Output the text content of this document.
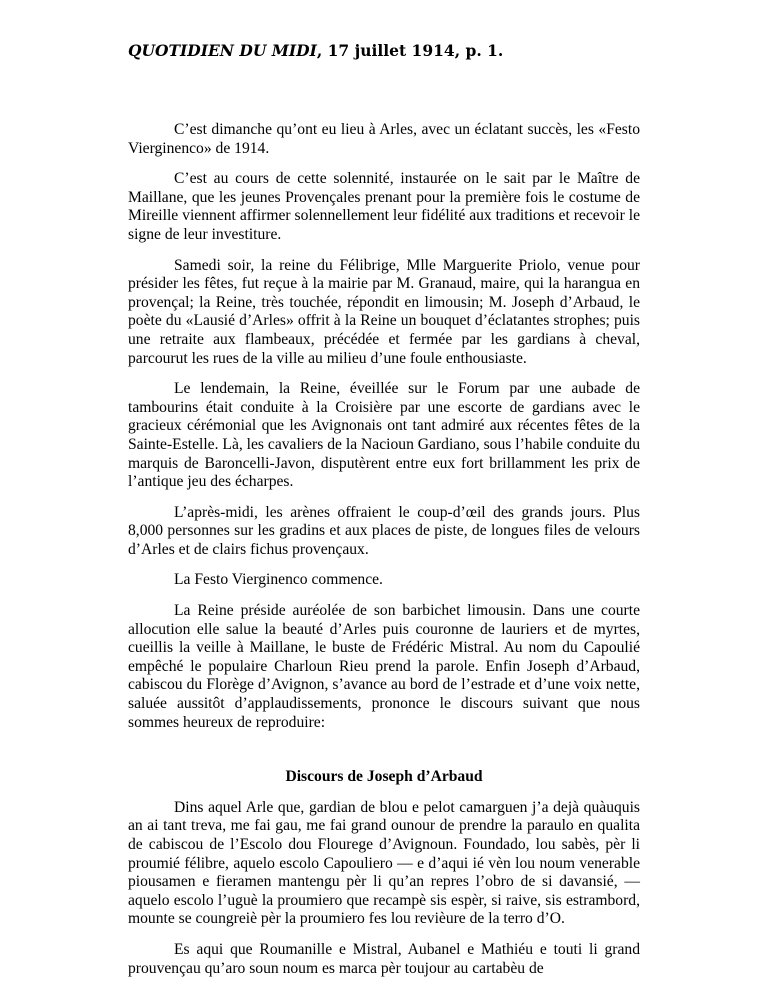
QUOTIDIEN DU MIDI, 17 juillet 1914, p. 1.

C’est dimanche qu’ont eu lieu à Arles, avec un éclatant succès, les «Festo Vierginenco» de 1914.

C’est au cours de cette solennité, instaurée on le sait par le Maître de Maillane, que les jeunes Provençales prenant pour la première fois le costume de Mireille viennent affirmer solennellement leur fidélité aux traditions et recevoir le signe de leur investiture.

Samedi soir, la reine du Félibrige, Mlle Marguerite Priolo, venue pour présider les fêtes, fut reçue à la mairie par M. Granaud, maire, qui la harangua en provençal; la Reine, très touchée, répondit en limousin; M. Joseph d’Arbaud, le poète du «Lausié d’Arles» offrit à la Reine un bouquet d’éclatantes strophes; puis une retraite aux flambeaux, précédée et fermée par les gardians à cheval, parcourut les rues de la ville au milieu d’une foule enthousiaste.

Le lendemain, la Reine, éveillée sur le Forum par une aubade de tambourins était conduite à la Croisière par une escorte de gardians avec le gracieux cérémonial que les Avignonais ont tant admiré aux récentes fêtes de la Sainte-Estelle. Là, les cavaliers de la Nacioun Gardiano, sous l’habile conduite du marquis de Baroncelli-Javon, disputèrent entre eux fort brillamment les prix de l’antique jeu des écharpes.

L’après-midi, les arènes offraient le coup-d’œil des grands jours. Plus 8,000 personnes sur les gradins et aux places de piste, de longues files de velours d’Arles et de clairs fichus provençaux.

La Festo Vierginenco commence.

La Reine préside auréolée de son barbichet limousin. Dans une courte allocution elle salue la beauté d’Arles puis couronne de lauriers et de myrtes, cueillis la veille à Maillane, le buste de Frédéric Mistral. Au nom du Capoulié empêché le populaire Charloun Rieu prend la parole. Enfin Joseph d’Arbaud, cabiscou du Florège d’Avignon, s’avance au bord de l’estrade et d’une voix nette, saluée aussitôt d’applaudissements, prononce le discours suivant que nous sommes heureux de reproduire:

Discours de Joseph d’Arbaud

Dins aquel Arle que, gardian de blou e pelot camarguen j’a dejà quàuquis an ai tant treva, me fai gau, me fai grand ounour de prendre la paraulo en qualita de cabiscou de l’Escolo dou Flourege d’Avignoun. Foundado, lou sabès, pèr li proumié félibre, aquelo escolo Capouliero — e d’aqui ié vèn lou noum venerable piousamen e fieramen mantengu pèr li qu’an repres l’obro de si davansié, — aquelo escolo l’uguè la proumiero que recampè sis espèr, si raive, sis estrambord, mounte se coungreiè pèr la proumiero fes lou revièure de la terro d’O.

Es aqui que Roumanille e Mistral, Aubanel e Mathiéu e touti li grand prouvençau qu’aro soun noum es marca pèr toujour au cartabèu de
